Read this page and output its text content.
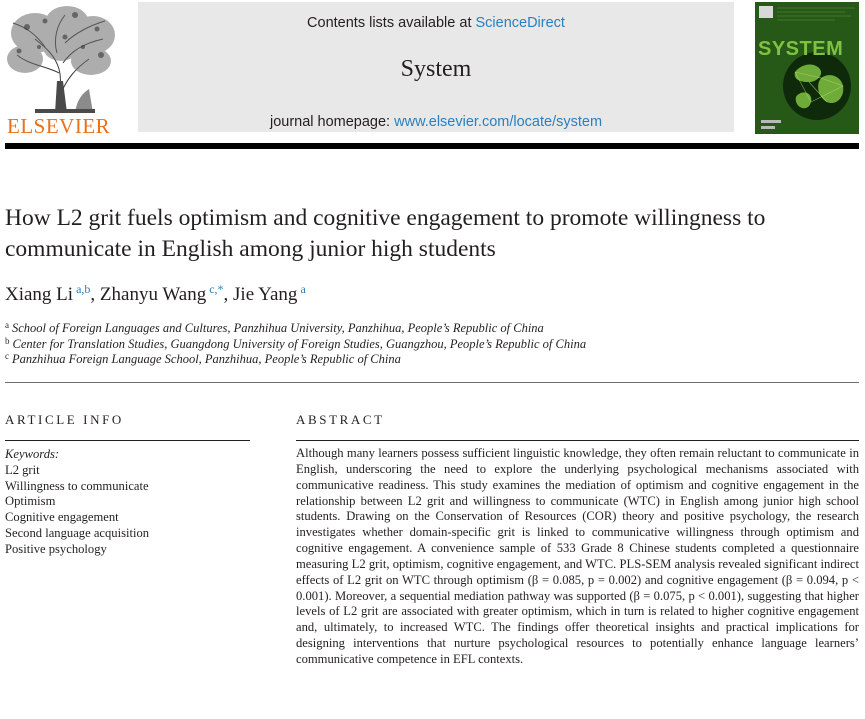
ELSEVIER
Contents lists available at ScienceDirect
System
journal homepage: www.elsevier.com/locate/system
SYSTEM
How L2 grit fuels optimism and cognitive engagement to promote willingness to communicate in English among junior high students
Xiang Li $^{a,b}$, Zhanyu Wang $^{c,*}$, Jie Yang $^a$
$^a$ School of Foreign Languages and Cultures, Panzhihua University, Panzhihua, People’s Republic of China
$^b$ Center for Translation Studies, Guangdong University of Foreign Studies, Guangzhou, People’s Republic of China
$^c$ Panzhihua Foreign Language School, Panzhihua, People’s Republic of China
ARTICLE INFO
Keywords:
L2 grit
Willingness to communicate
Optimism
Cognitive engagement
Second language acquisition
Positive psychology
ABSTRACT
Although many learners possess sufficient linguistic knowledge, they often remain reluctant to communicate in English, underscoring the need to explore the underlying psychological mechanisms associated with communicative readiness. This study examines the mediation of optimism and cognitive engagement in the relationship between L2 grit and willingness to communicate (WTC) in English among junior high school students. Drawing on the Conservation of Resources (COR) theory and positive psychology, the research investigates whether domain-specific grit is linked to communicative willingness through optimism and cognitive engagement. A convenience sample of 533 Grade 8 Chinese students completed a questionnaire measuring L2 grit, optimism, cognitive engagement, and WTC. PLS-SEM analysis revealed significant indirect effects of L2 grit on WTC through optimism (β = 0.085, p = 0.002) and cognitive engagement (β = 0.094, p < 0.001). Moreover, a sequential mediation pathway was supported (β = 0.075, p < 0.001), suggesting that higher levels of L2 grit are associated with greater optimism, which in turn is related to higher cognitive engagement and, ultimately, to increased WTC. The findings offer theoretical insights and practical implications for designing interventions that nurture psychological resources to potentially enhance language learners’ communicative competence in EFL contexts.
